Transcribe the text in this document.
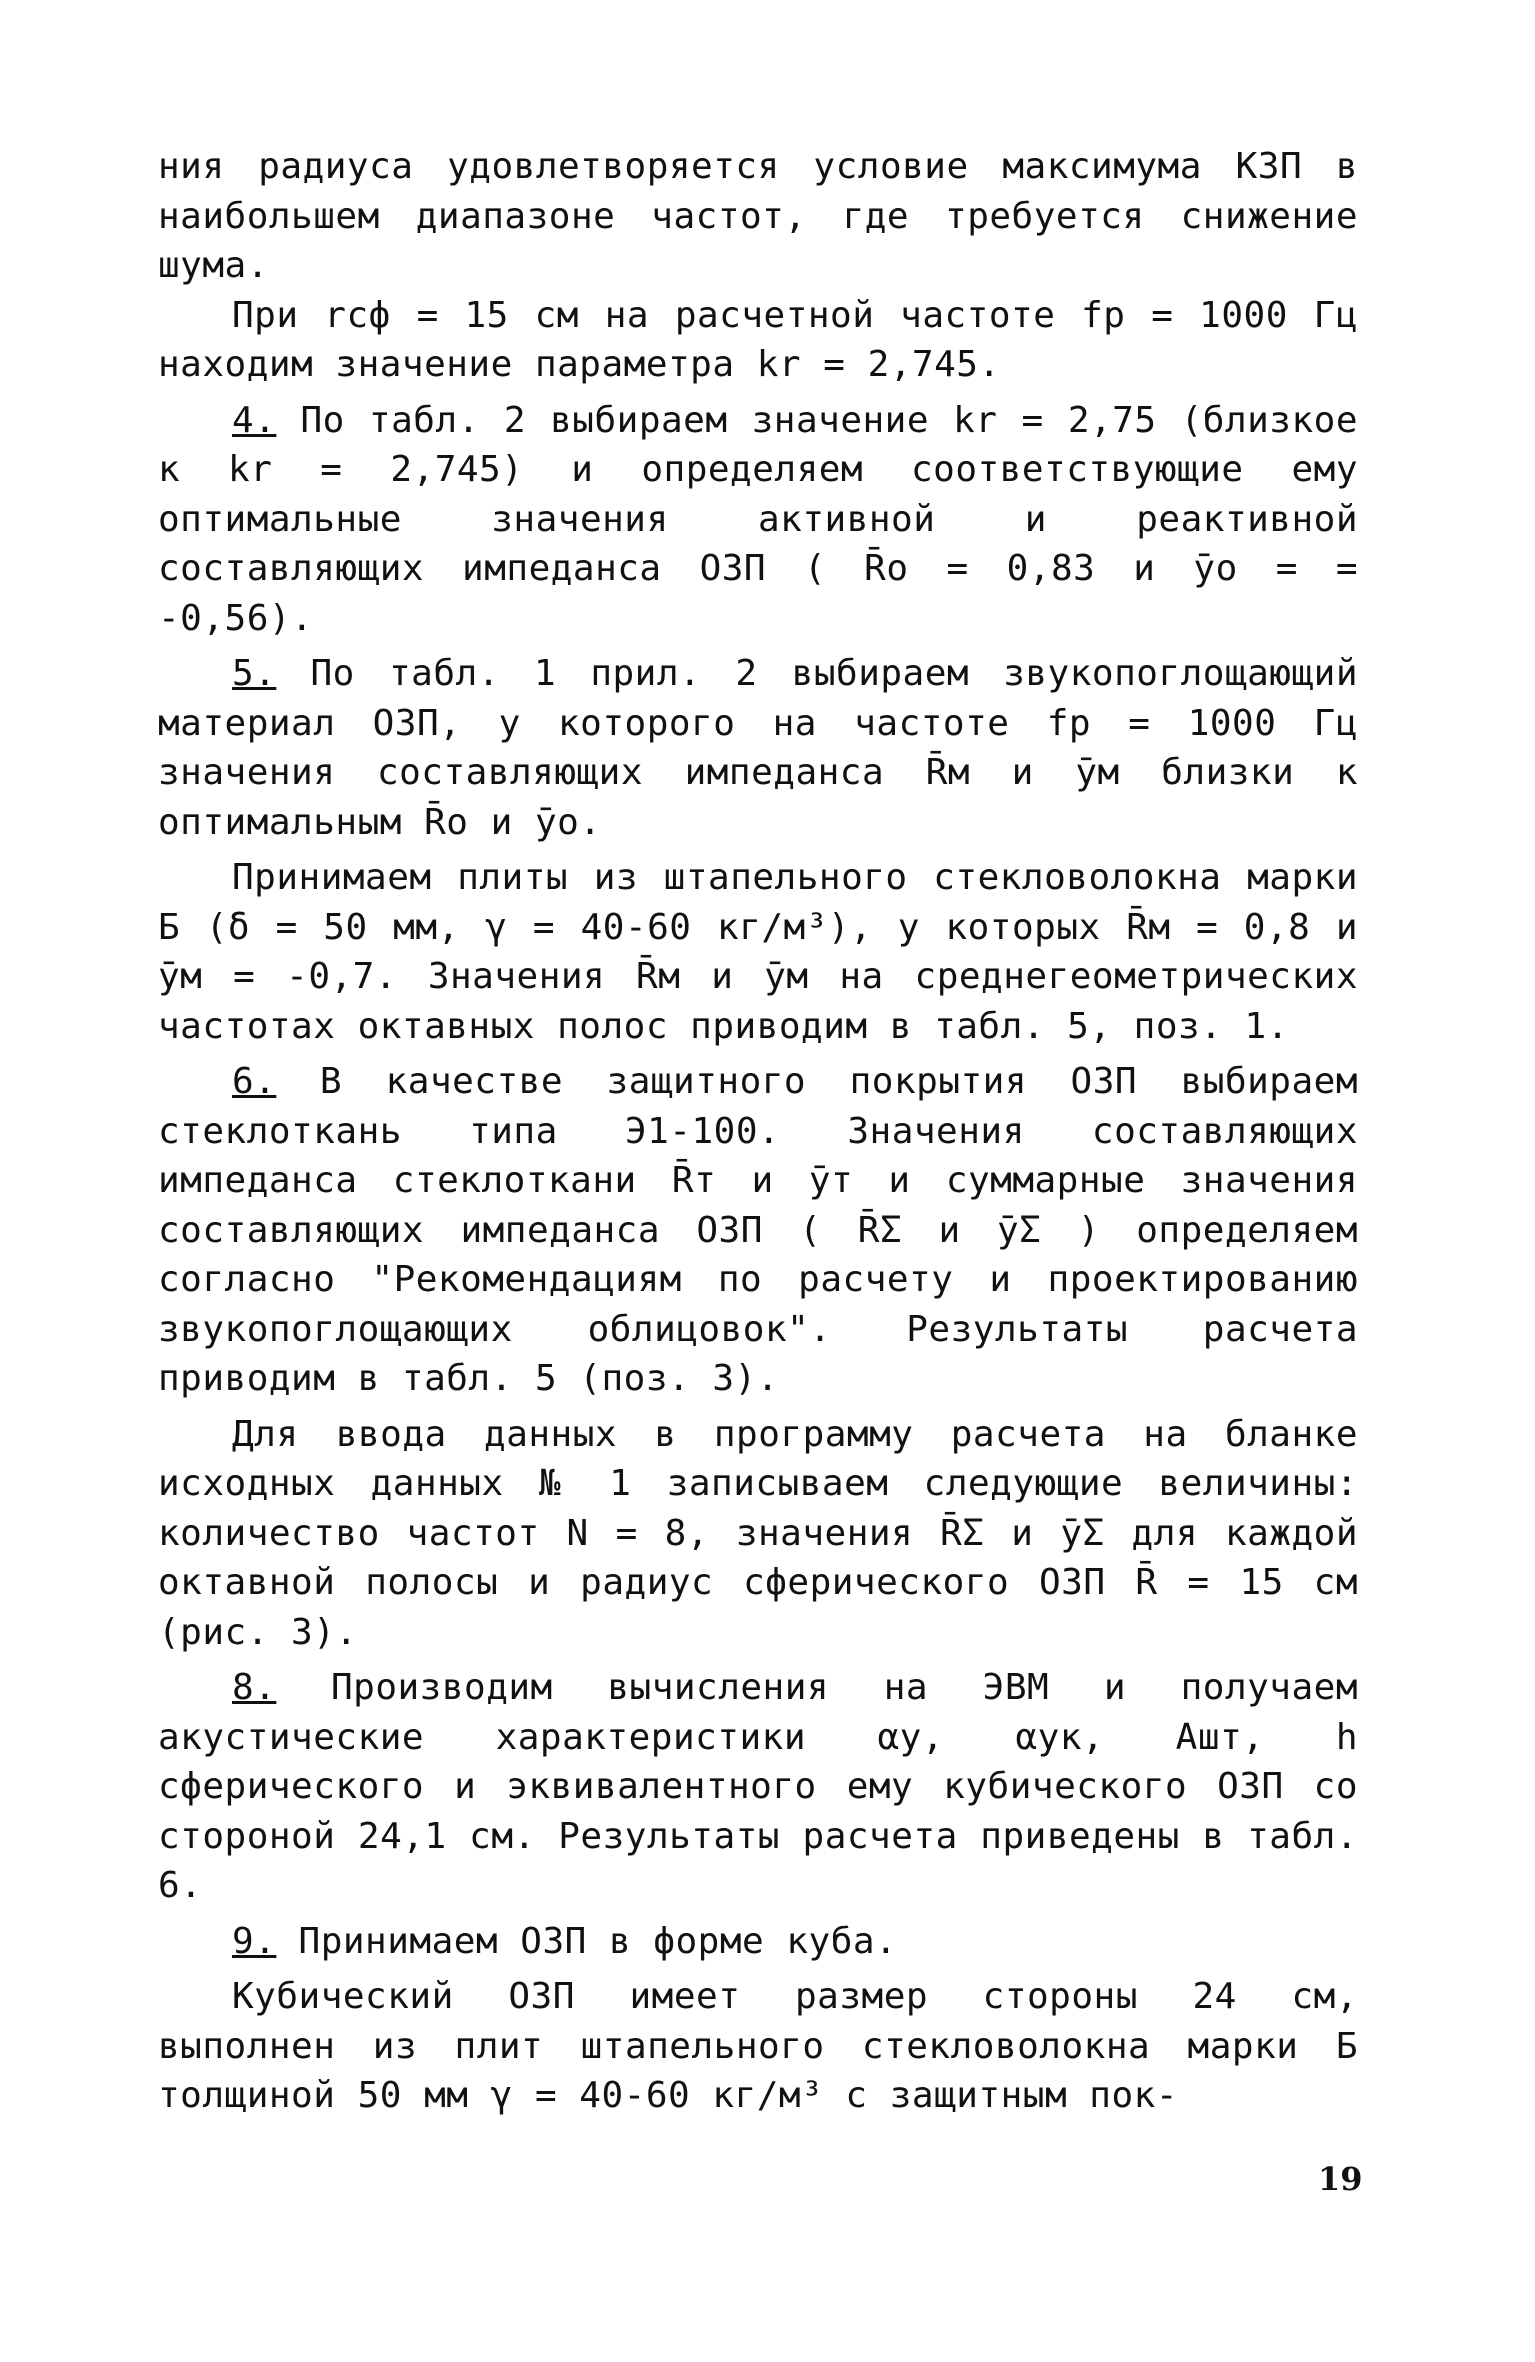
ния радиуса удовлетворяется условие максимума КЗП в наибольшем диапазоне частот, где требуется снижение шума.

При rсф = 15 см на расчетной частоте fр = 1000 Гц находим значение параметра kr = 2,745.

4. По табл. 2 выбираем значение kr = 2,75 (близкое к kr = 2,745) и определяем соответствующие ему оптимальные значения активной и реактивной составляющих импеданса ОЗП ( R̄o = 0,83 и ȳo = = -0,56).

5. По табл. 1 прил. 2 выбираем звукопоглощающий материал ОЗП, у которого на частоте fр = 1000 Гц значения составляющих импеданса R̄м и ȳм близки к оптимальным R̄о и ȳо.

Принимаем плиты из штапельного стекловолокна марки Б (δ = 50 мм, γ = 40-60 кг/м³), у которых R̄м = 0,8 и ȳм = -0,7. Значения R̄м и ȳм на среднегеометрических частотах октавных полос приводим в табл. 5, поз. 1.

6. В качестве защитного покрытия ОЗП выбираем стеклоткань типа Э1-100. Значения составляющих импеданса стеклоткани R̄т и ȳт и суммарные значения составляющих импеданса ОЗП ( R̄Σ и ȳΣ ) определяем согласно "Рекомендациям по расчету и проектированию звукопоглощающих облицовок". Результаты расчета приводим в табл. 5 (поз. 3).

Для ввода данных в программу расчета на бланке исходных данных № 1 записываем следующие величины: количество частот N = 8, значения R̄Σ и ȳΣ для каждой октавной полосы и радиус сферического ОЗП R̄ = 15 см (рис. 3).

8. Производим вычисления на ЭВМ и получаем акустические характеристики αу, αук, Ашт, h сферического и эквивалентного ему кубического ОЗП со стороной 24,1 см. Результаты расчета приведены в табл. 6.

9. Принимаем ОЗП в форме куба.

Кубический ОЗП имеет размер стороны 24 см, выполнен из плит штапельного стекловолокна марки Б толщиной 50 мм γ = 40-60 кг/м³ с защитным пок-

19
